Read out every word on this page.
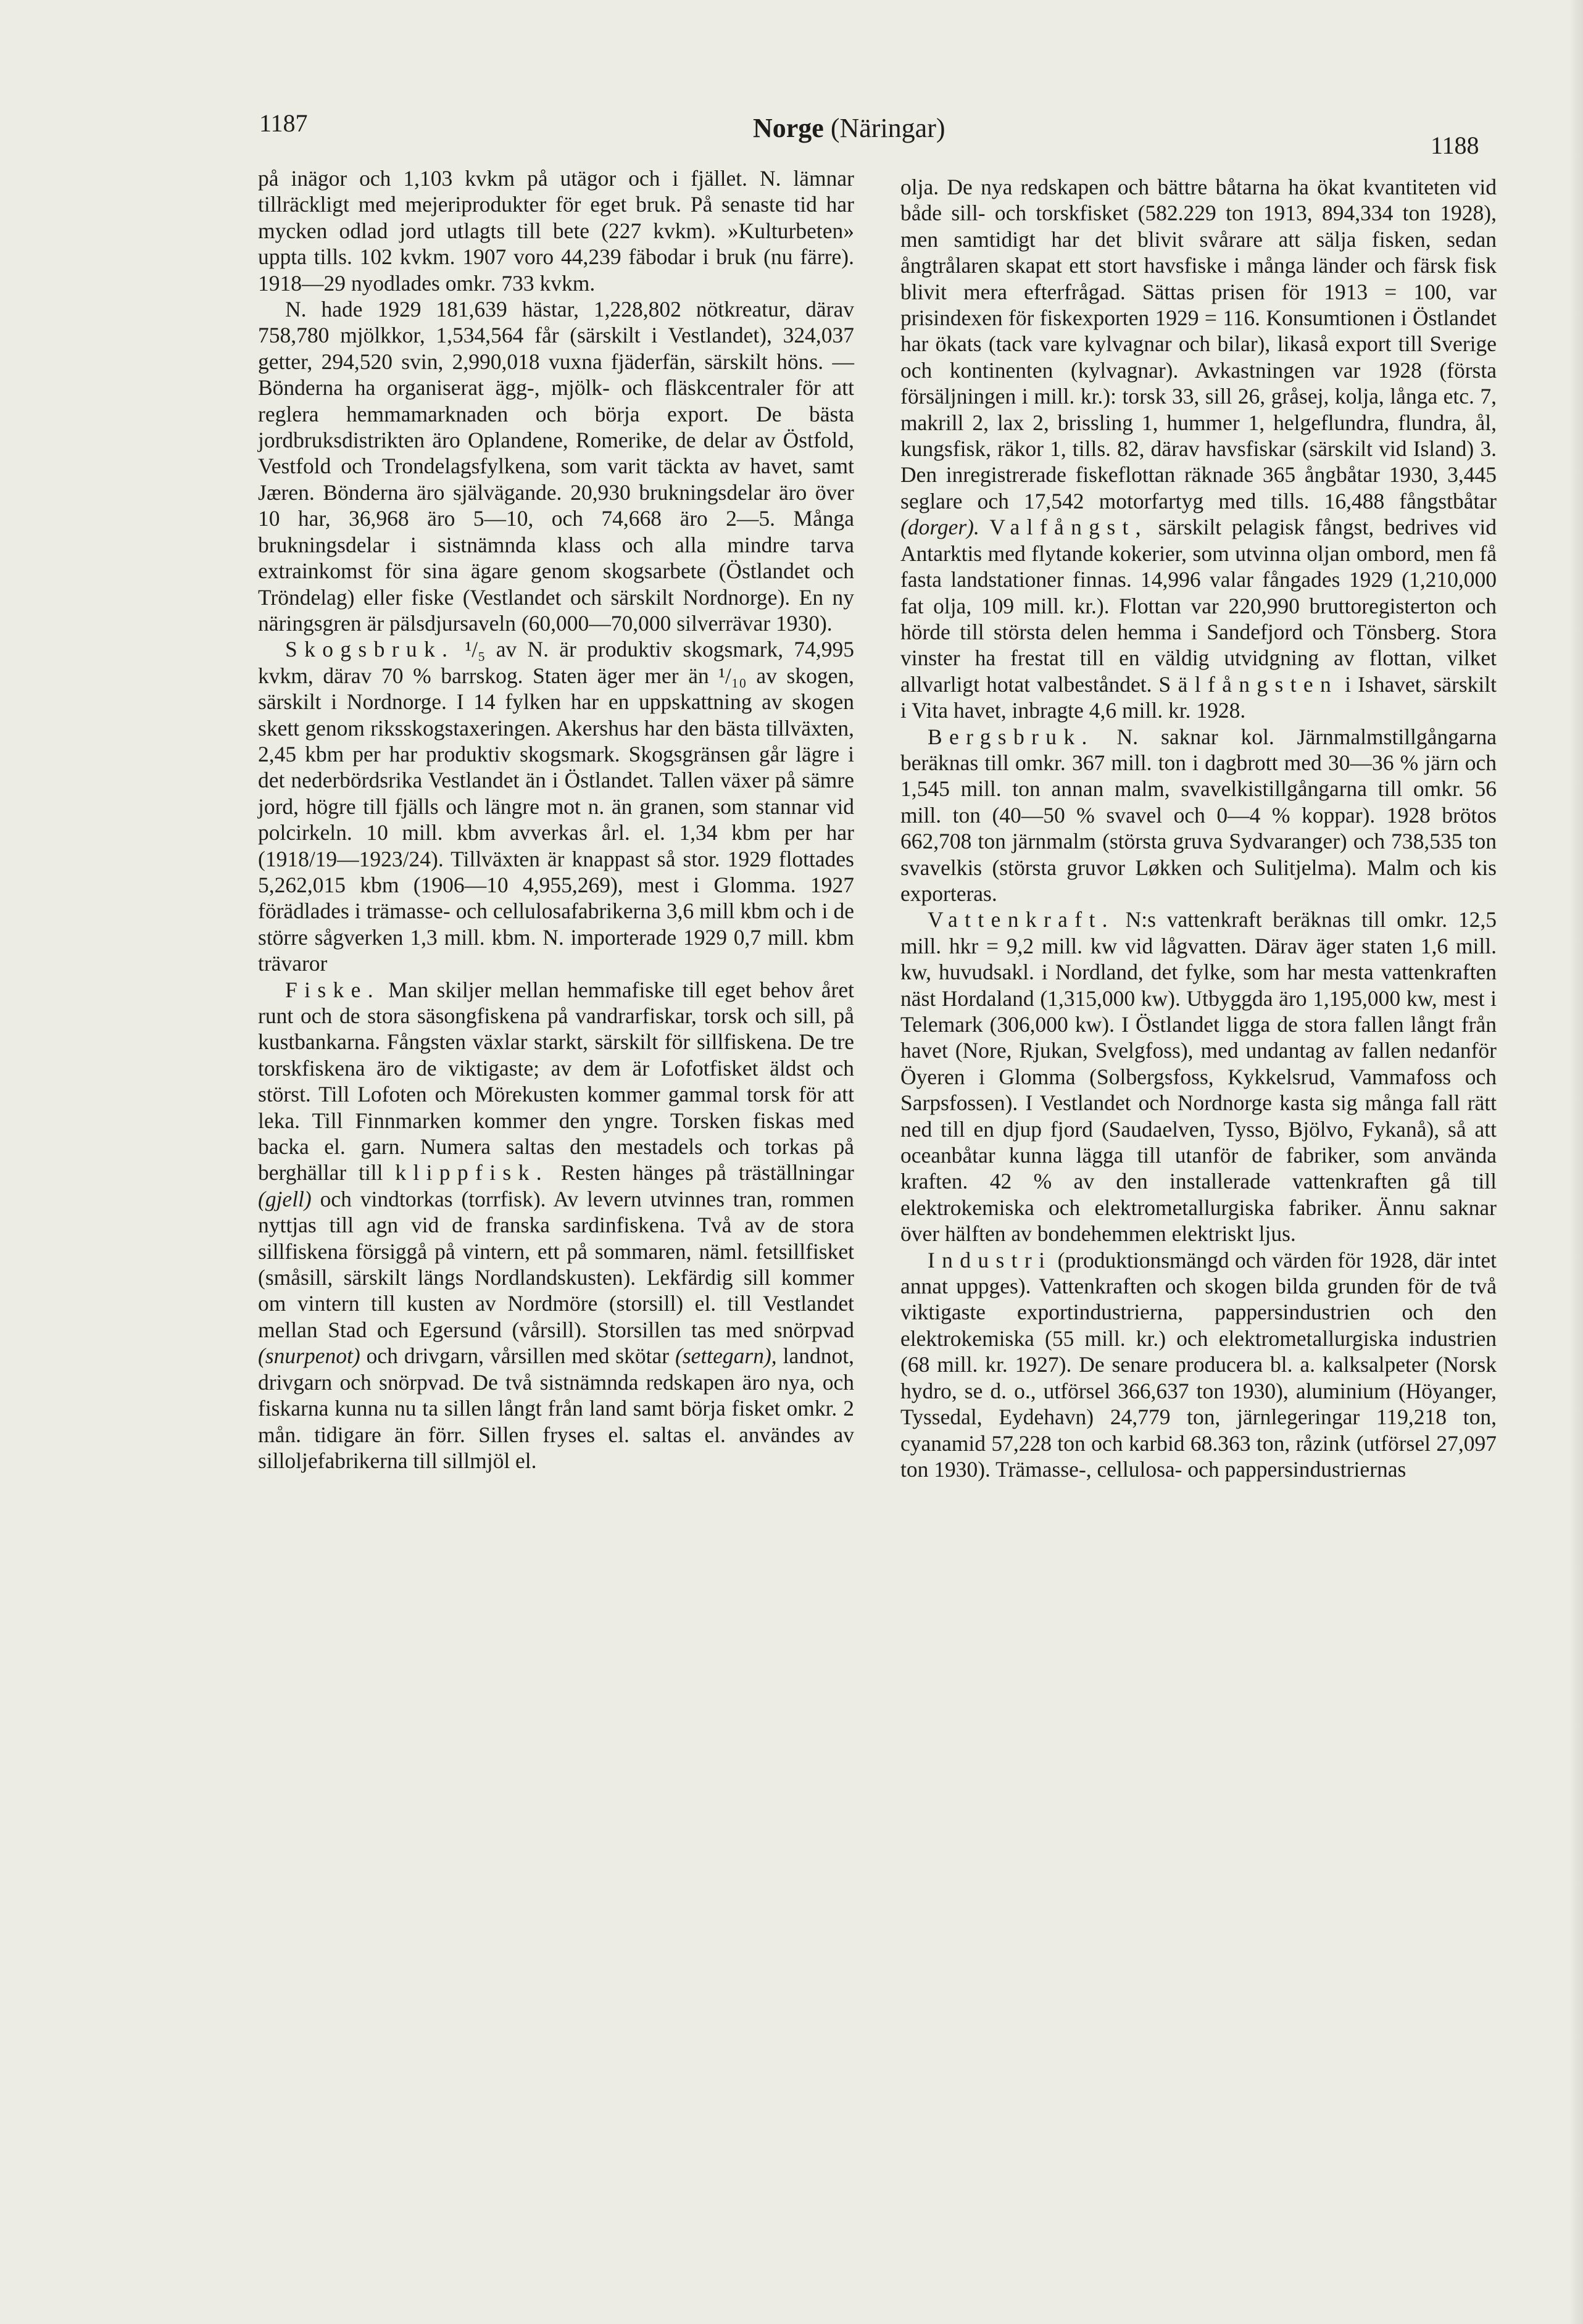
1187	Norge (Näringar)
1188

på inägor och 1,103 kvkm på utägor och i fjället. N. lämnar tillräckligt med mejeriprodukter för eget bruk. På senaste tid har mycken odlad jord utlagts till bete (227 kvkm). »Kulturbeten» uppta tills. 102 kvkm. 1907 voro 44,239 fäbodar i bruk (nu färre). 1918—29 nyodlades omkr. 733 kvkm.

N. hade 1929 181,639 hästar, 1,228,802 nötkreatur, därav 758,780 mjölkkor, 1,534,564 får (särskilt i Vestlandet), 324,037 getter, 294,520 svin, 2,990,018 vuxna fjäderfän, särskilt höns. — Bönderna ha organiserat ägg-, mjölk- och fläskcentraler för att reglera hemmamarknaden och börja export. De bästa jordbruksdistrikten äro Oplandene, Romerike, de delar av Östfold, Vestfold och Trondelagsfylkena, som varit täckta av havet, samt Jæren. Bönderna äro självägande. 20,930 brukningsdelar äro över 10 har, 36,968 äro 5—10, och 74,668 äro 2—5. Många brukningsdelar i sistnämnda klass och alla mindre tarva extrainkomst för sina ägare genom skogsarbete (Östlandet och Tröndelag) eller fiske (Vestlandet och särskilt Nordnorge). En ny näringsgren är pälsdjursaveln (60,000—70,000 silverrävar 1930).

Skogsbruk. ¹/₅ av N. är produktiv skogsmark, 74,995 kvkm, därav 70 % barrskog. Staten äger mer än ¹/₁₀ av skogen, särskilt i Nordnorge. I 14 fylken har en uppskattning av skogen skett genom riksskogstaxeringen. Akershus har den bästa tillväxten, 2,45 kbm per har produktiv skogsmark. Skogsgränsen går lägre i det nederbördsrika Vestlandet än i Östlandet. Tallen växer på sämre jord, högre till fjälls och längre mot n. än granen, som stannar vid polcirkeln. 10 mill. kbm avverkas årl. el. 1,34 kbm per har (1918/19—1923/24). Tillväxten är knappast så stor. 1929 flottades 5,262,015 kbm (1906—10 4,955,269), mest i Glomma. 1927 förädlades i trämasse- och cellulosafabrikerna 3,6 mill kbm och i de större sågverken 1,3 mill. kbm. N. importerade 1929 0,7 mill. kbm trävaror

Fiske. Man skiljer mellan hemmafiske till eget behov året runt och de stora säsongfiskena på vandrarfiskar, torsk och sill, på kustbankarna. Fångsten växlar starkt, särskilt för sillfiskena. De tre torskfiskena äro de viktigaste; av dem är Lofotfisket äldst och störst. Till Lofoten och Mörekusten kommer gammal torsk för att leka. Till Finnmarken kommer den yngre. Torsken fiskas med backa el. garn. Numera saltas den mestadels och torkas på berghällar till klippfisk. Resten hänges på träställningar (gjell) och vindtorkas (torrfisk). Av levern utvinnes tran, rommen nyttjas till agn vid de franska sardinfiskena. Två av de stora sillfiskena försiggå på vintern, ett på sommaren, näml. fetsillfisket (småsill, särskilt längs Nordlandskusten). Lekfärdig sill kommer om vintern till kusten av Nordmöre (storsill) el. till Vestlandet mellan Stad och Egersund (vårsill). Storsillen tas med snörpvad (snurpenot) och drivgarn, vårsillen med skötar (settegarn), landnot, drivgarn och snörpvad. De två sistnämnda redskapen äro nya, och fiskarna kunna nu ta sillen långt från land samt börja fisket omkr. 2 mån. tidigare än förr. Sillen fryses el. saltas el. användes av silloljefabrikerna till sillmjöl el.

olja. De nya redskapen och bättre båtarna ha ökat kvantiteten vid både sill- och torskfisket (582.229 ton 1913, 894,334 ton 1928), men samtidigt har det blivit svårare att sälja fisken, sedan ångtrålaren skapat ett stort havsfiske i många länder och färsk fisk blivit mera efterfrågad. Sättas prisen för 1913 = 100, var prisindexen för fiskexporten 1929 = 116. Konsumtionen i Östlandet har ökats (tack vare kylvagnar och bilar), likaså export till Sverige och kontinenten (kylvagnar). Avkastningen var 1928 (första försäljningen i mill. kr.): torsk 33, sill 26, gråsej, kolja, långa etc. 7, makrill 2, lax 2, brissling 1, hummer 1, helgeflundra, flundra, ål, kungsfisk, räkor 1, tills. 82, därav havsfiskar (särskilt vid Island) 3. Den inregistrerade fiskeflottan räknade 365 ångbåtar 1930, 3,445 seglare och 17,542 motorfartyg med tills. 16,488 fångstbåtar (dorger). Valfångst, särskilt pelagisk fångst, bedrives vid Antarktis med flytande kokerier, som utvinna oljan ombord, men få fasta landstationer finnas. 14,996 valar fångades 1929 (1,210,000 fat olja, 109 mill. kr.). Flottan var 220,990 bruttoregisterton och hörde till största delen hemma i Sandefjord och Tönsberg. Stora vinster ha frestat till en väldig utvidgning av flottan, vilket allvarligt hotat valbeståndet. Sälfångsten i Ishavet, särskilt i Vita havet, inbragte 4,6 mill. kr. 1928.

Bergsbruk. N. saknar kol. Järnmalmstillgångarna beräknas till omkr. 367 mill. ton i dagbrott med 30—36 % järn och 1,545 mill. ton annan malm, svavelkistillgångarna till omkr. 56 mill. ton (40—50 % svavel och 0—4 % koppar). 1928 brötos 662,708 ton järnmalm (största gruva Sydvaranger) och 738,535 ton svavelkis (största gruvor Løkken och Sulitjelma). Malm och kis exporteras.

Vattenkraft. N:s vattenkraft beräknas till omkr. 12,5 mill. hkr = 9,2 mill. kw vid lågvatten. Därav äger staten 1,6 mill. kw, huvudsakl. i Nordland, det fylke, som har mesta vattenkraften näst Hordaland (1,315,000 kw). Utbyggda äro 1,195,000 kw, mest i Telemark (306,000 kw). I Östlandet ligga de stora fallen långt från havet (Nore, Rjukan, Svelgfoss), med undantag av fallen nedanför Öyeren i Glomma (Solbergsfoss, Kykkelsrud, Vammafoss och Sarpsfossen). I Vestlandet och Nordnorge kasta sig många fall rätt ned till en djup fjord (Saudaelven, Tysso, Bjölvo, Fykanå), så att oceanbåtar kunna lägga till utanför de fabriker, som använda kraften. 42 % av den installerade vattenkraften gå till elektrokemiska och elektrometallurgiska fabriker. Ännu saknar över hälften av bondehemmen elektriskt ljus.

Industri (produktionsmängd och värden för 1928, där intet annat uppges). Vattenkraften och skogen bilda grunden för de två viktigaste exportindustrierna, pappersindustrien och den elektrokemiska (55 mill. kr.) och elektrometallurgiska industrien (68 mill. kr. 1927). De senare producera bl. a. kalksalpeter (Norsk hydro, se d. o., utförsel 366,637 ton 1930), aluminium (Höyanger, Tyssedal, Eydehavn) 24,779 ton, järnlegeringar 119,218 ton, cyanamid 57,228 ton och karbid 68.363 ton, råzink (utförsel 27,097 ton 1930). Trämasse-, cellulosa- och pappersindustriernas
